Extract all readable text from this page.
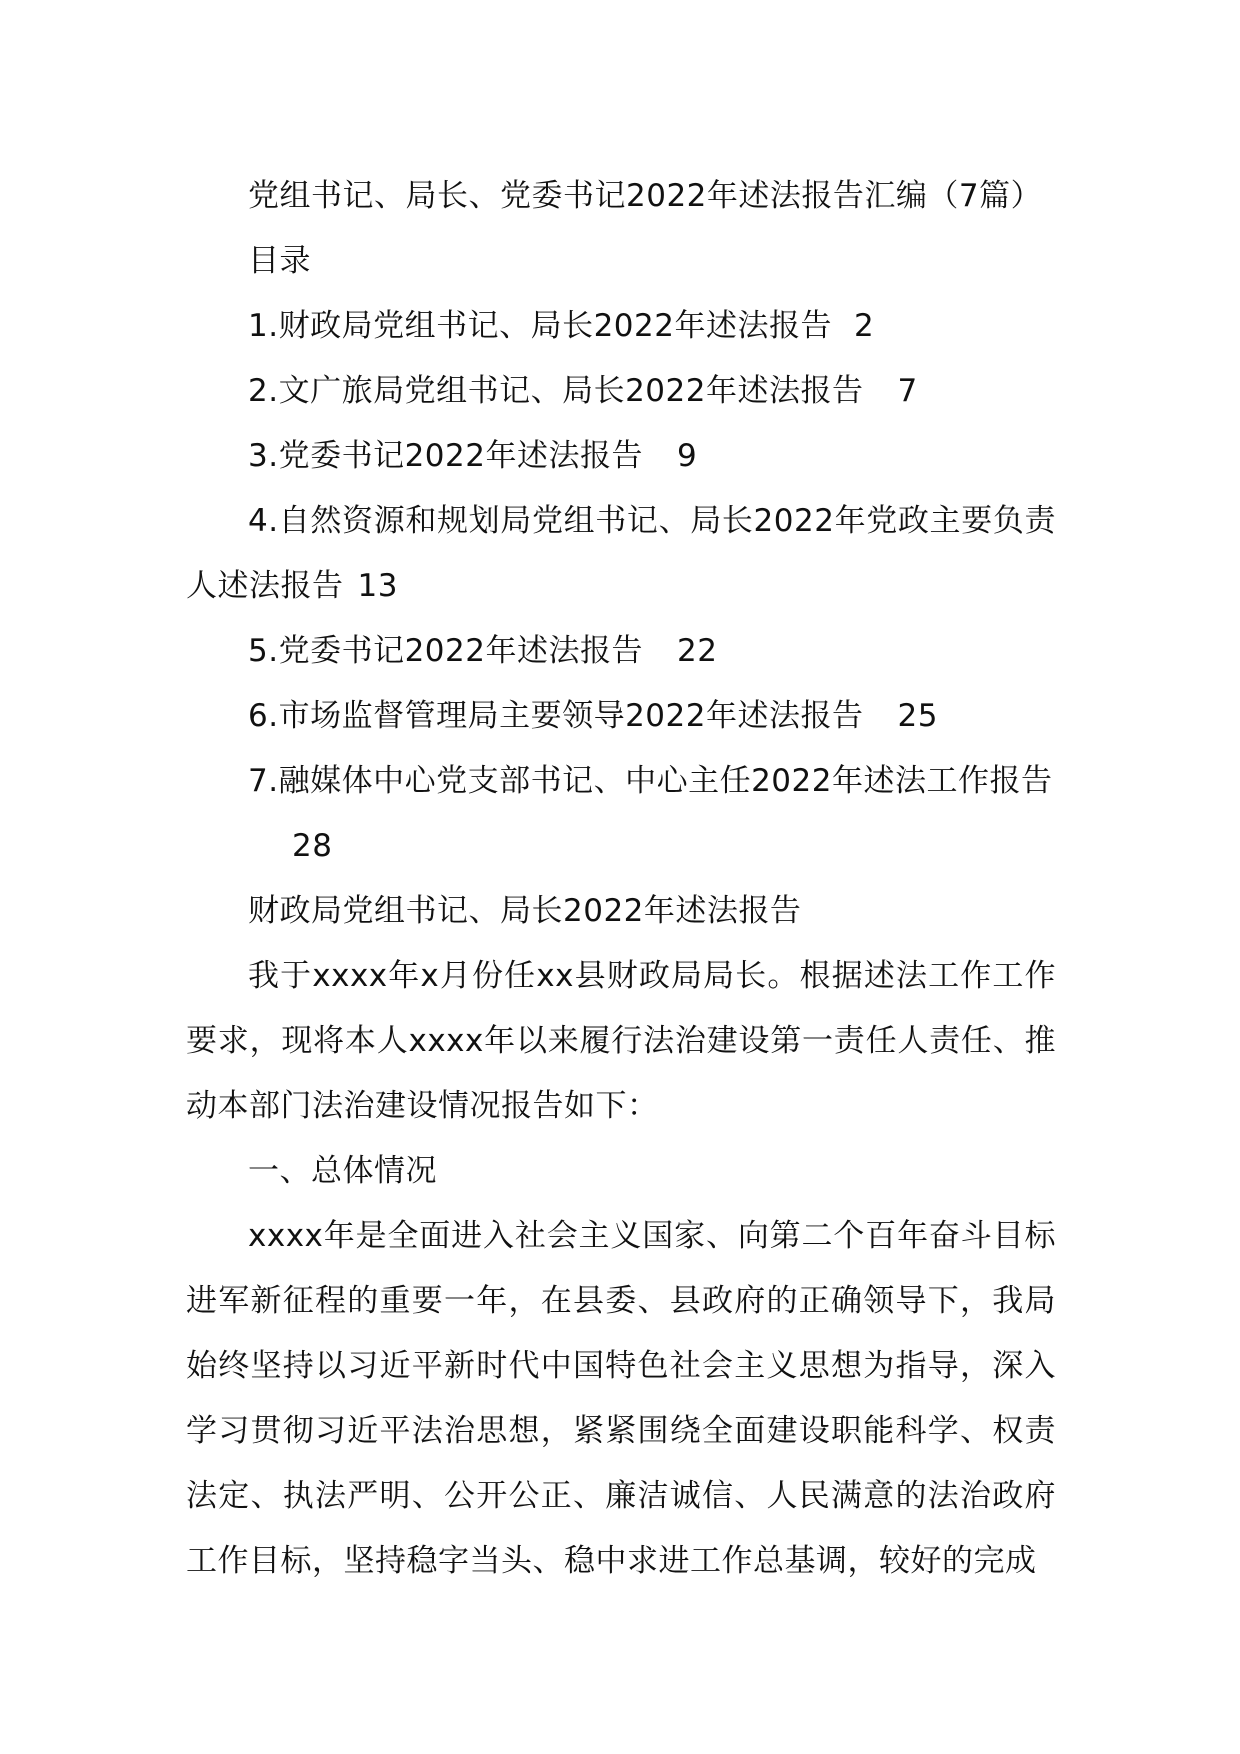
党组书记、局长、党委书记2022年述法报告汇编（7篇）

目录

1.财政局党组书记、局长2022年述法报告 2

2.文广旅局党组书记、局长2022年述法报告 7

3.党委书记2022年述法报告 9

4.自然资源和规划局党组书记、局长2022年党政主要负责人述法报告 13

5.党委书记2022年述法报告 22

6.市场监督管理局主要领导2022年述法报告 25

7.融媒体中心党支部书记、中心主任2022年述法工作报告
28

财政局党组书记、局长2022年述法报告

我于xxxx年x月份任xx县财政局局长。根据述法工作工作要求，现将本人xxxx年以来履行法治建设第一责任人责任、推动本部门法治建设情况报告如下：

一、总体情况

xxxx年是全面进入社会主义国家、向第二个百年奋斗目标进军新征程的重要一年，在县委、县政府的正确领导下，我局始终坚持以习近平新时代中国特色社会主义思想为指导，深入学习贯彻习近平法治思想，紧紧围绕全面建设职能科学、权责法定、执法严明、公开公正、廉洁诚信、人民满意的法治政府工作目标，坚持稳字当头、稳中求进工作总基调，较好的完成
